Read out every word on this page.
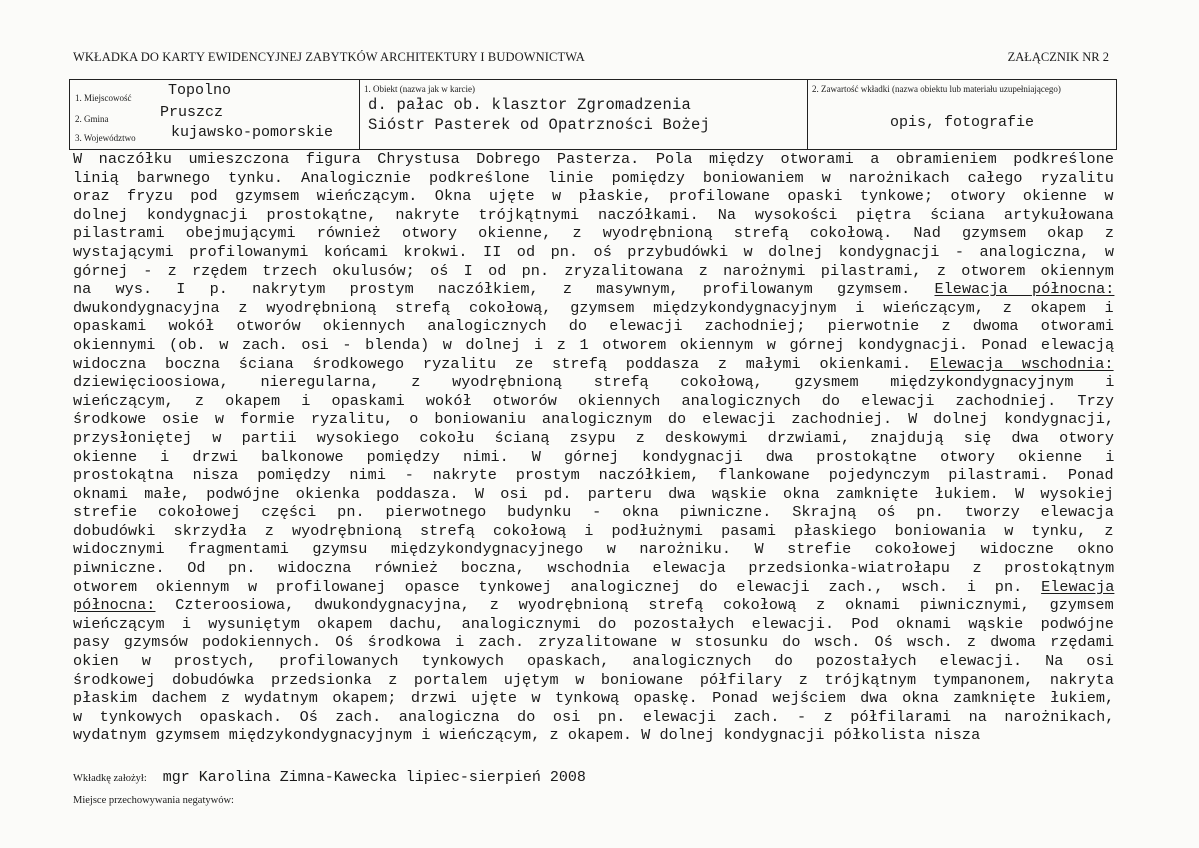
WKŁADKA DO KARTY EWIDENCYJNEJ ZABYTKÓW ARCHITEKTURY I BUDOWNICTWA	ZAŁĄCZNIK NR 2
1. Miejscowość Topolno
2. Gmina	Pruszcz
3. Województwo kujawsko-pomorskie
1. Obiekt (nazwa jak w karcie)
d. pałac ob. klasztor Zgromadzenia
Sióstr Pasterek od Opatrzności Bożej
2. Zawartość wkładki (nazwa obiektu lub materiału uzupełniającego)
opis, fotografie
W naczółku umieszczona figura Chrystusa Dobrego Pasterza. Pola między otworami a obramieniem podkreślone
linią barwnego tynku. Analogicznie podkreślone linie pomiędzy boniowaniem w narożnikach całego ryzalitu
oraz fryzu pod gzymsem wieńczącym. Okna ujęte w płaskie, profilowane opaski tynkowe; otwory okienne w
dolnej kondygnacji prostokątne, nakryte trójkątnymi naczółkami. Na wysokości piętra ściana artykułowana
pilastrami obejmującymi również otwory okienne, z wyodrębnioną strefą cokołową. Nad gzymsem okap z
wystającymi profilowanymi końcami krokwi. II od pn. oś przybudówki w dolnej kondygnacji - analogiczna, w
górnej - z rzędem trzech okulusów; oś I od pn. zryzalitowana z narożnymi pilastrami, z otworem okiennym
na wys. I p. nakrytym prostym naczółkiem, z masywnym, profilowanym gzymsem. Elewacja północna:
dwukondygnacyjna z wyodrębnioną strefą cokołową, gzymsem międzykondygnacyjnym i wieńczącym, z okapem i
opaskami wokół otworów okiennych analogicznych do elewacji zachodniej; pierwotnie z dwoma otworami
okiennymi (ob. w zach. osi - blenda) w dolnej i z 1 otworem okiennym w górnej kondygnacji. Ponad elewacją
widoczna boczna ściana środkowego ryzalitu ze strefą poddasza z małymi okienkami. Elewacja wschodnia:
dziewięcioosiowa, nieregularna, z wyodrębnioną strefą cokołową, gzysmem międzykondygnacyjnym i
wieńczącym, z okapem i opaskami wokół otworów okiennych analogicznych do elewacji zachodniej. Trzy
środkowe osie w formie ryzalitu, o boniowaniu analogicznym do elewacji zachodniej. W dolnej kondygnacji,
przysłoniętej w partii wysokiego cokołu ścianą zsypu z deskowymi drzwiami, znajdują się dwa otwory
okienne i drzwi balkonowe pomiędzy nimi. W górnej kondygnacji dwa prostokątne otwory okienne i
prostokątna nisza pomiędzy nimi - nakryte prostym naczółkiem, flankowane pojedynczym pilastrami. Ponad
oknami małe, podwójne okienka poddasza. W osi pd. parteru dwa wąskie okna zamknięte łukiem. W wysokiej
strefie cokołowej części pn. pierwotnego budynku - okna piwniczne. Skrajną oś pn. tworzy elewacja
dobudówki skrzydła z wyodrębnioną strefą cokołową i podłużnymi pasami płaskiego boniowania w tynku, z
widocznymi fragmentami gzymsu międzykondygnacyjnego w narożniku. W strefie cokołowej widoczne okno
piwniczne. Od pn. widoczna również boczna, wschodnia elewacja przedsionka-wiatrołapu z prostokątnym
otworem okiennym w profilowanej opasce tynkowej analogicznej do elewacji zach., wsch. i pn. Elewacja
północna: Czteroosiowa, dwukondygnacyjna, z wyodrębnioną strefą cokołową z oknami piwnicznymi, gzymsem
wieńczącym i wysuniętym okapem dachu, analogicznymi do pozostałych elewacji. Pod oknami wąskie podwójne
pasy gzymsów podokiennych. Oś środkowa i zach. zryzalitowane w stosunku do wsch. Oś wsch. z dwoma rzędami
okien w prostych, profilowanych tynkowych opaskach, analogicznych do pozostałych elewacji. Na osi
środkowej dobudówka przedsionka z portalem ujętym w boniowane półfilary z trójkątnym tympanonem, nakryta
płaskim dachem z wydatnym okapem; drzwi ujęte w tynkową opaskę. Ponad wejściem dwa okna zamknięte łukiem,
w tynkowych opaskach. Oś zach. analogiczna do osi pn. elewacji zach. - z półfilarami na narożnikach,
wydatnym gzymsem międzykondygnacyjnym i wieńczącym, z okapem. W dolnej kondygnacji półkolista nisza
Wkładkę założył: mgr Karolina Zimna-Kawecka lipiec-sierpień 2008
Miejsce przechowywania negatywów:
